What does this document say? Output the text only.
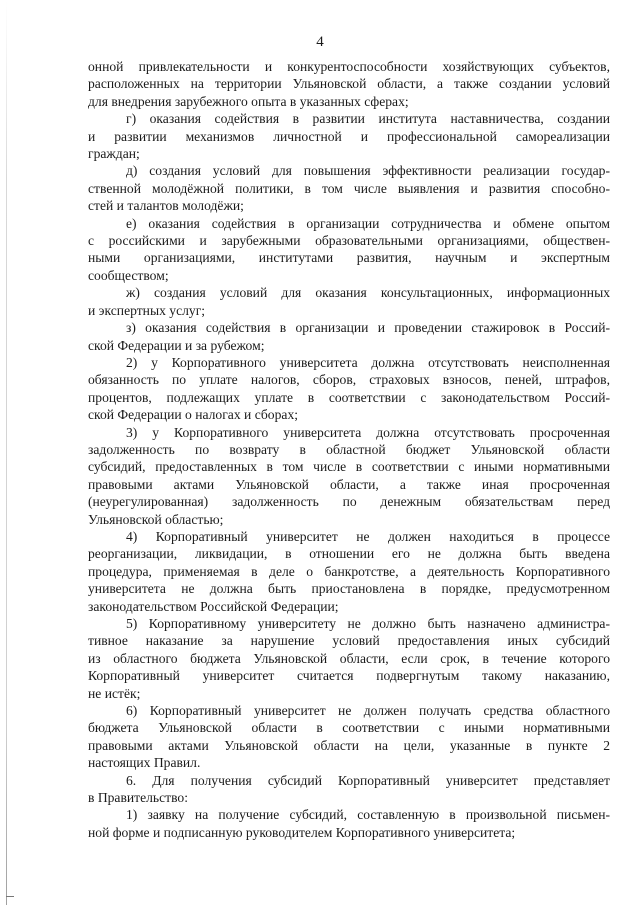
4

онной привлекательности и конкурентоспособности хозяйствующих субъектов,

расположенных на территории Ульяновской области, а также создании условий

для внедрения зарубежного опыта в указанных сферах;

г) оказания содействия в развитии института наставничества, создании

и развитии механизмов личностной и профессиональной самореализации

граждан;

д) создания условий для повышения эффективности реализации государ-

ственной молодёжной политики, в том числе выявления и развития способно-

стей и талантов молодёжи;

е) оказания содействия в организации сотрудничества и обмене опытом

с российскими и зарубежными образовательными организациями, обществен-

ными организациями, институтами развития, научным и экспертным

сообществом;

ж) создания условий для оказания консультационных, информационных

и экспертных услуг;

з) оказания содействия в организации и проведении стажировок в Россий-

ской Федерации и за рубежом;

2) у Корпоративного университета должна отсутствовать неисполненная

обязанность по уплате налогов, сборов, страховых взносов, пеней, штрафов,

процентов, подлежащих уплате в соответствии с законодательством Россий-

ской Федерации о налогах и сборах;

3) у Корпоративного университета должна отсутствовать просроченная

задолженность по возврату в областной бюджет Ульяновской области

субсидий, предоставленных в том числе в соответствии с иными нормативными

правовыми актами Ульяновской области, а также иная просроченная

(неурегулированная) задолженность по денежным обязательствам перед

Ульяновской областью;

4) Корпоративный университет не должен находиться в процессе

реорганизации, ликвидации, в отношении его не должна быть введена

процедура, применяемая в деле о банкротстве, а деятельность Корпоративного

университета не должна быть приостановлена в порядке, предусмотренном

законодательством Российской Федерации;

5) Корпоративному университету не должно быть назначено администра-

тивное наказание за нарушение условий предоставления иных субсидий

из областного бюджета Ульяновской области, если срок, в течение которого

Корпоративный университет считается подвергнутым такому наказанию,

не истёк;

6) Корпоративный университет не должен получать средства областного

бюджета Ульяновской области в соответствии с иными нормативными

правовыми актами Ульяновской области на цели, указанные в пункте 2

настоящих Правил.

6. Для получения субсидий Корпоративный университет представляет

в Правительство:

1) заявку на получение субсидий, составленную в произвольной письмен-

ной форме и подписанную руководителем Корпоративного университета;
